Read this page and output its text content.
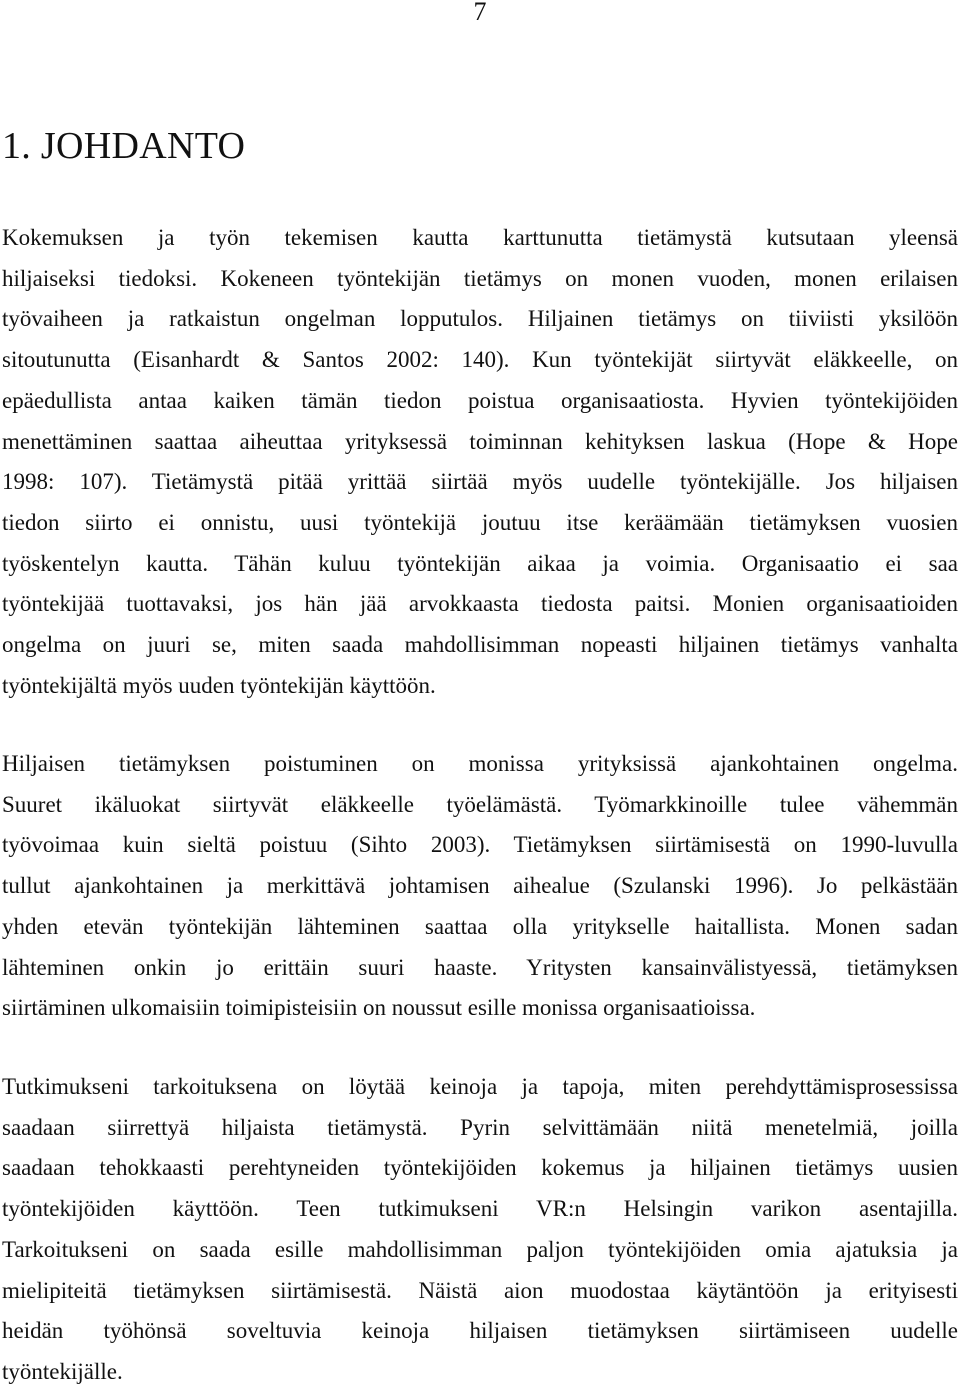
7
1. JOHDANTO
Kokemuksen ja työn tekemisen kautta karttunutta tietämystä kutsutaan yleensä
hiljaiseksi tiedoksi. Kokeneen työntekijän tietämys on monen vuoden, monen erilaisen
työvaiheen ja ratkaistun ongelman lopputulos. Hiljainen tietämys on tiiviisti yksilöön
sitoutunutta (Eisanhardt & Santos 2002: 140). Kun työntekijät siirtyvät eläkkeelle, on
epäedullista antaa kaiken tämän tiedon poistua organisaatiosta. Hyvien työntekijöiden
menettäminen saattaa aiheuttaa yrityksessä toiminnan kehityksen laskua (Hope & Hope
1998: 107). Tietämystä pitää yrittää siirtää myös uudelle työntekijälle. Jos hiljaisen
tiedon siirto ei onnistu, uusi työntekijä joutuu itse keräämään tietämyksen vuosien
työskentelyn kautta. Tähän kuluu työntekijän aikaa ja voimia. Organisaatio ei saa
työntekijää tuottavaksi, jos hän jää arvokkaasta tiedosta paitsi. Monien organisaatioiden
ongelma on juuri se, miten saada mahdollisimman nopeasti hiljainen tietämys vanhalta
työntekijältä myös uuden työntekijän käyttöön.
Hiljaisen tietämyksen poistuminen on monissa yrityksissä ajankohtainen ongelma.
Suuret ikäluokat siirtyvät eläkkeelle työelämästä. Työmarkkinoille tulee vähemmän
työvoimaa kuin sieltä poistuu (Sihto 2003). Tietämyksen siirtämisestä on 1990-luvulla
tullut ajankohtainen ja merkittävä johtamisen aihealue (Szulanski 1996). Jo pelkästään
yhden etevän työntekijän lähteminen saattaa olla yritykselle haitallista. Monen sadan
lähteminen onkin jo erittäin suuri haaste. Yritysten kansainvälistyessä, tietämyksen
siirtäminen ulkomaisiin toimipisteisiin on noussut esille monissa organisaatioissa.
Tutkimukseni tarkoituksena on löytää keinoja ja tapoja, miten perehdyttämisprosessissa
saadaan siirrettyä hiljaista tietämystä. Pyrin selvittämään niitä menetelmiä, joilla
saadaan tehokkaasti perehtyneiden työntekijöiden kokemus ja hiljainen tietämys uusien
työntekijöiden käyttöön. Teen tutkimukseni VR:n Helsingin varikon asentajilla.
Tarkoitukseni on saada esille mahdollisimman paljon työntekijöiden omia ajatuksia ja
mielipiteitä tietämyksen siirtämisestä. Näistä aion muodostaa käytäntöön ja erityisesti
heidän työhönsä soveltuvia keinoja hiljaisen tietämyksen siirtämiseen uudelle
työntekijälle.
